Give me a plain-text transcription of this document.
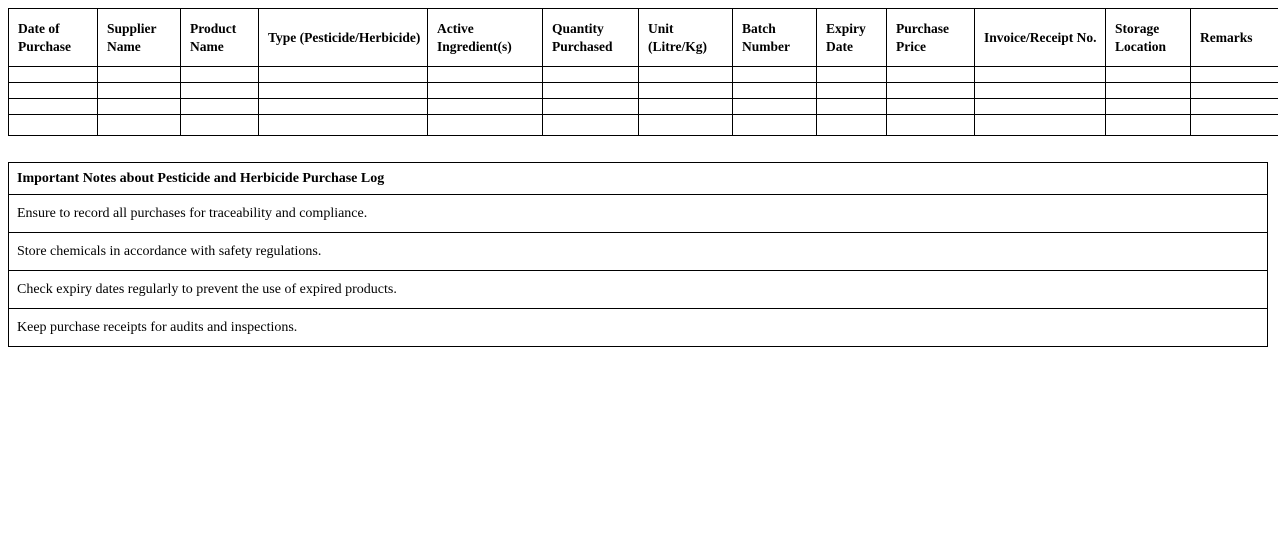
Date of Purchase	Supplier Name	Product Name	Type (Pesticide/Herbicide)	Active Ingredient(s)	Quantity Purchased	Unit (Litre/Kg)	Batch Number	Expiry Date	Purchase Price	Invoice/Receipt No.	Storage Location	Remarks

Important Notes about Pesticide and Herbicide Purchase Log
Ensure to record all purchases for traceability and compliance.
Store chemicals in accordance with safety regulations.
Check expiry dates regularly to prevent the use of expired products.
Keep purchase receipts for audits and inspections.
